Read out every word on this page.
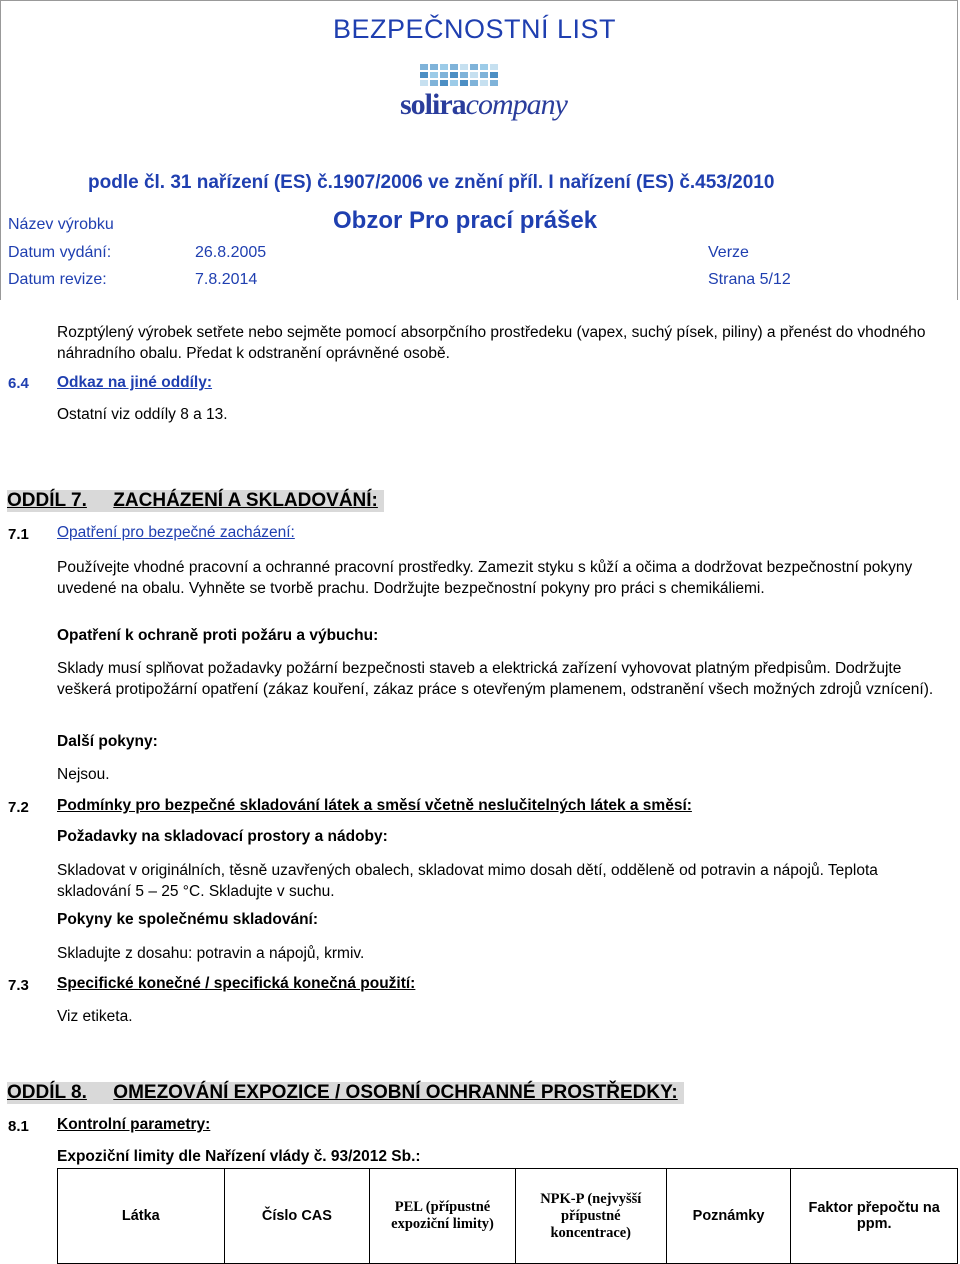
BEZPEČNOSTNÍ LIST
soliracompany
podle čl. 31 nařízení (ES) č.1907/2006 ve znění příl. I nařízení (ES) č.453/2010
Název výrobku	Obzor Pro prací prášek
Datum vydání:	26.8.2005	Verze
Datum revize:	7.8.2014	Strana 5/12
Rozptýlený výrobek setřete nebo sejměte pomocí absorpčního prostředeku (vapex, suchý písek, piliny) a přenést do vhodného náhradního obalu. Předat k odstranění oprávněné osobě.
6.4 Odkaz na jiné oddíly:
Ostatní viz oddíly 8 a 13.
ODDÍL 7. ZACHÁZENÍ A SKLADOVÁNÍ:
7.1 Opatření pro bezpečné zacházení:
Používejte vhodné pracovní a ochranné pracovní prostředky. Zamezit styku s kůží a očima a dodržovat bezpečnostní pokyny uvedené na obalu. Vyhněte se tvorbě prachu. Dodržujte bezpečnostní pokyny pro práci s chemikáliemi.
Opatření k ochraně proti požáru a výbuchu:
Sklady musí splňovat požadavky požární bezpečnosti staveb a elektrická zařízení vyhovovat platným předpisům. Dodržujte veškerá protipožární opatření (zákaz kouření, zákaz práce s otevřeným plamenem, odstranění všech možných zdrojů vznícení).
Další pokyny:
Nejsou.
7.2 Podmínky pro bezpečné skladování látek a směsí včetně neslučitelných látek a směsí:
Požadavky na skladovací prostory a nádoby:
Skladovat v originálních, těsně uzavřených obalech, skladovat mimo dosah dětí, odděleně od potravin a nápojů. Teplota skladování 5 – 25 °C. Skladujte v suchu.
Pokyny ke společnému skladování:
Skladujte z dosahu: potravin a nápojů, krmiv.
7.3 Specifické konečné / specifická konečná použití:
Viz etiketa.
ODDÍL 8. OMEZOVÁNÍ EXPOZICE / OSOBNÍ OCHRANNÉ PROSTŘEDKY:
8.1 Kontrolní parametry:
Expoziční limity dle Nařízení vlády č. 93/2012 Sb.:
Látka	Číslo CAS	PEL (přípustné expoziční limity)	NPK-P (nejvyšší přípustné koncentrace)	Poznámky	Faktor přepočtu na ppm.
